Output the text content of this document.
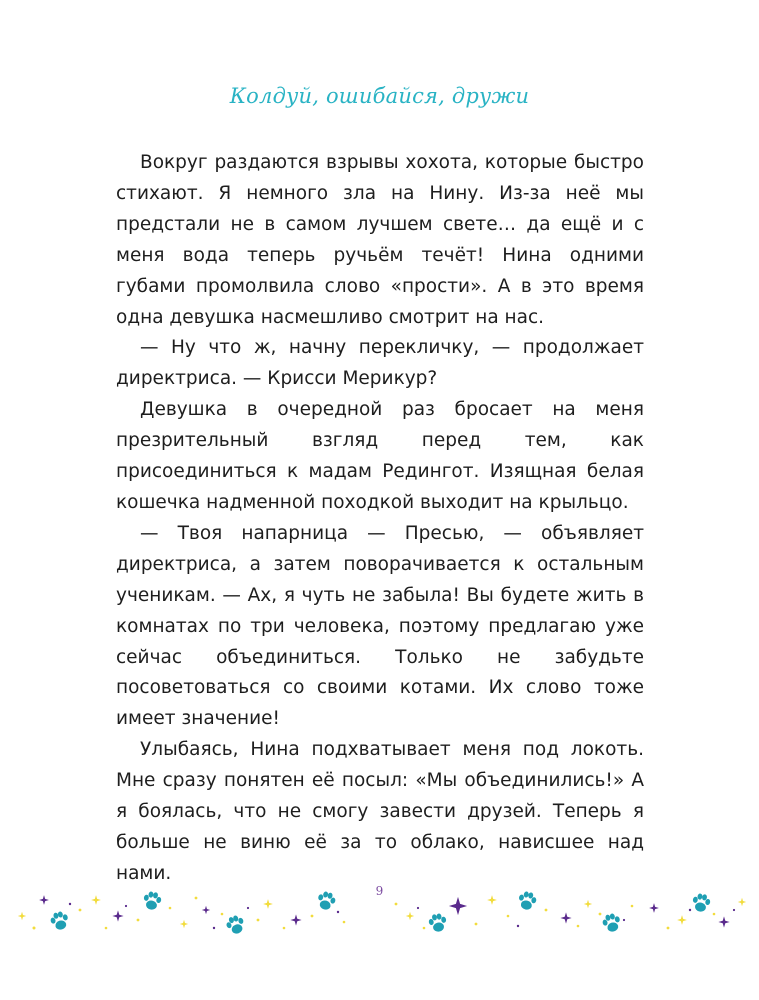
Колдуй, ошибайся, дружи

Вокруг раздаются взрывы хохота, которые быстро стихают. Я немного зла на Нину. Из-за неё мы предстали не в самом лучшем свете… да ещё и с меня вода теперь ручьём течёт! Нина одними губами промолвила слово «прости». А в это время одна девушка насмешливо смотрит на нас.

— Ну что ж, начну перекличку, — продолжает директриса. — Крисси Мерикур?

Девушка в очередной раз бросает на меня презрительный взгляд перед тем, как присоединиться к мадам Редингот. Изящная белая кошечка надменной походкой выходит на крыльцо.

— Твоя напарница — Пресью, — объявляет директриса, а затем поворачивается к остальным ученикам. — Ах, я чуть не забыла! Вы будете жить в комнатах по три человека, поэтому предлагаю уже сейчас объединиться. Только не забудьте посоветоваться со своими котами. Их слово тоже имеет значение!

Улыбаясь, Нина подхватывает меня под локоть. Мне сразу понятен её посыл: «Мы объединились!» А я боялась, что не смогу завести друзей. Теперь я больше не виню её за то облако, нависшее над нами.

9
